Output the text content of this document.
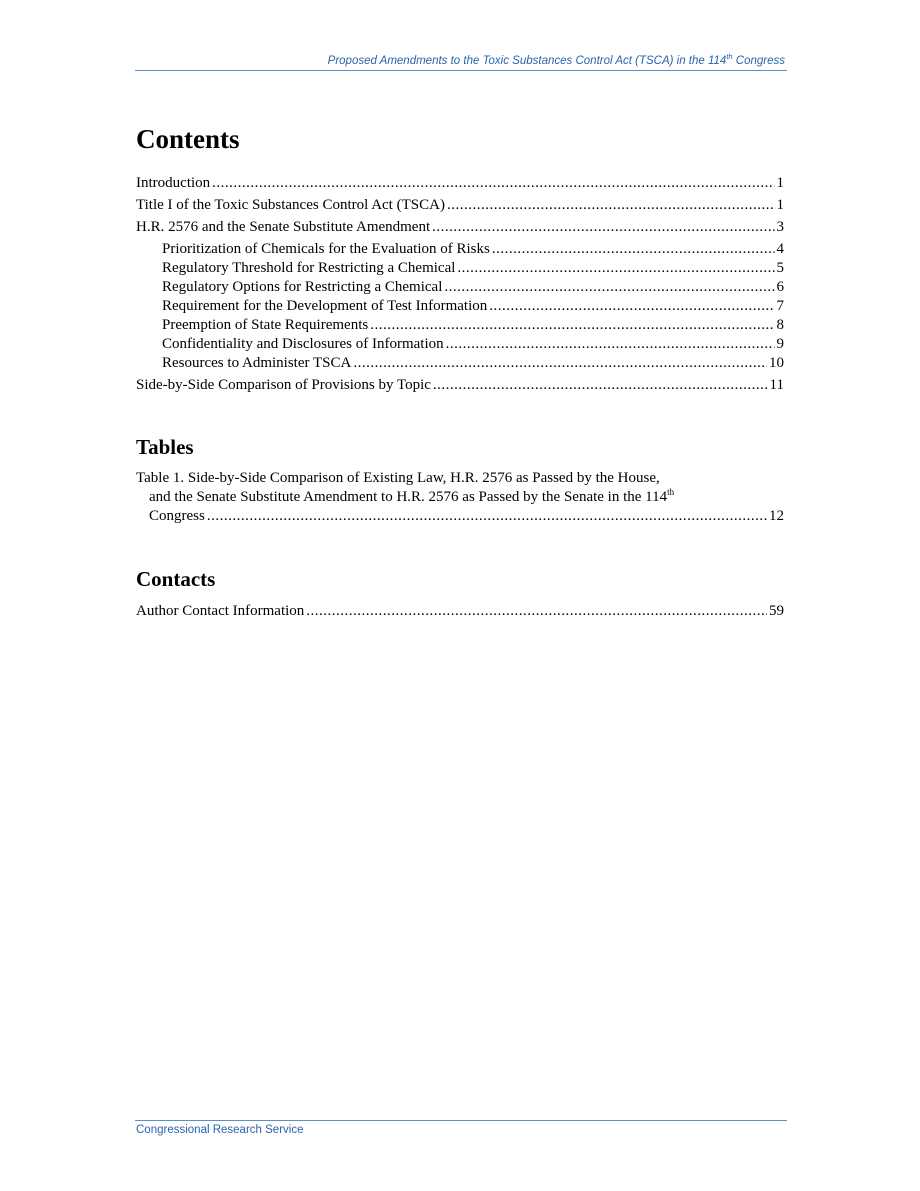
Proposed Amendments to the Toxic Substances Control Act (TSCA) in the 114th Congress
Contents
Introduction .....	1
Title I of the Toxic Substances Control Act (TSCA) .....	1
H.R. 2576 and the Senate Substitute Amendment .....	3
Prioritization of Chemicals for the Evaluation of Risks .....	4
Regulatory Threshold for Restricting a Chemical .....	5
Regulatory Options for Restricting a Chemical .....	6
Requirement for the Development of Test Information .....	7
Preemption of State Requirements .....	8
Confidentiality and Disclosures of Information .....	9
Resources to Administer TSCA .....	10
Side-by-Side Comparison of Provisions by Topic .....	11
Tables
Table 1. Side-by-Side Comparison of Existing Law, H.R. 2576 as Passed by the House,
and the Senate Substitute Amendment to H.R. 2576 as Passed by the Senate in the 114th
Congress .....	12
Contacts
Author Contact Information .....	59
Congressional Research Service
